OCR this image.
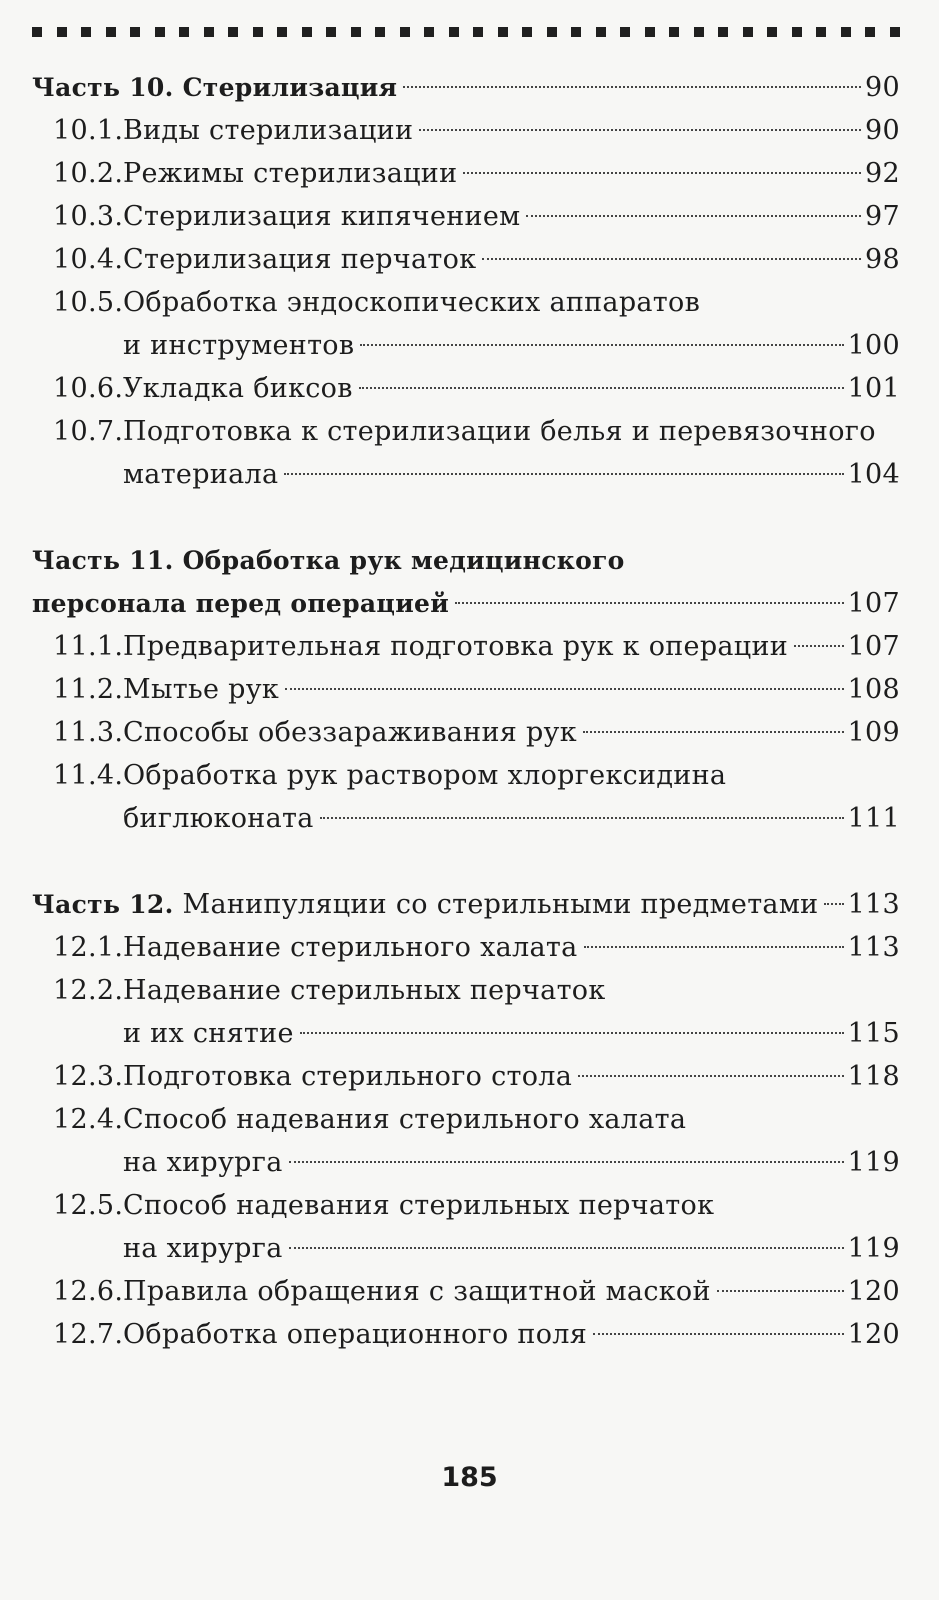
Часть 10. Стерилизация	90
10.1. Виды стерилизации	90
10.2. Режимы стерилизации	92
10.3. Стерилизация кипячением	97
10.4. Стерилизация перчаток	98
10.5. Обработка эндоскопических аппаратов
и инструментов	100
10.6. Укладка биксов	101
10.7. Подготовка к стерилизации белья и перевязочного
материала	104
Часть 11. Обработка рук медицинского
персонала перед операцией	107
11.1. Предварительная подготовка рук к операции 107
11.2. Мытье рук	108
11.3. Способы обеззараживания рук	109
11.4. Обработка рук раствором хлоргексидина
биглюконата	111
Часть 12. Манипуляции со стерильными предметами 113
12.1. Надевание стерильного халата	113
12.2. Надевание стерильных перчаток
и их снятие	115
12.3. Подготовка стерильного стола	118
12.4. Способ надевания стерильного халата
на хирурга	119
12.5. Способ надевания стерильных перчаток
на хирурга	119
12.6. Правила обращения с защитной маской	120
12.7. Обработка операционного поля	120
185
